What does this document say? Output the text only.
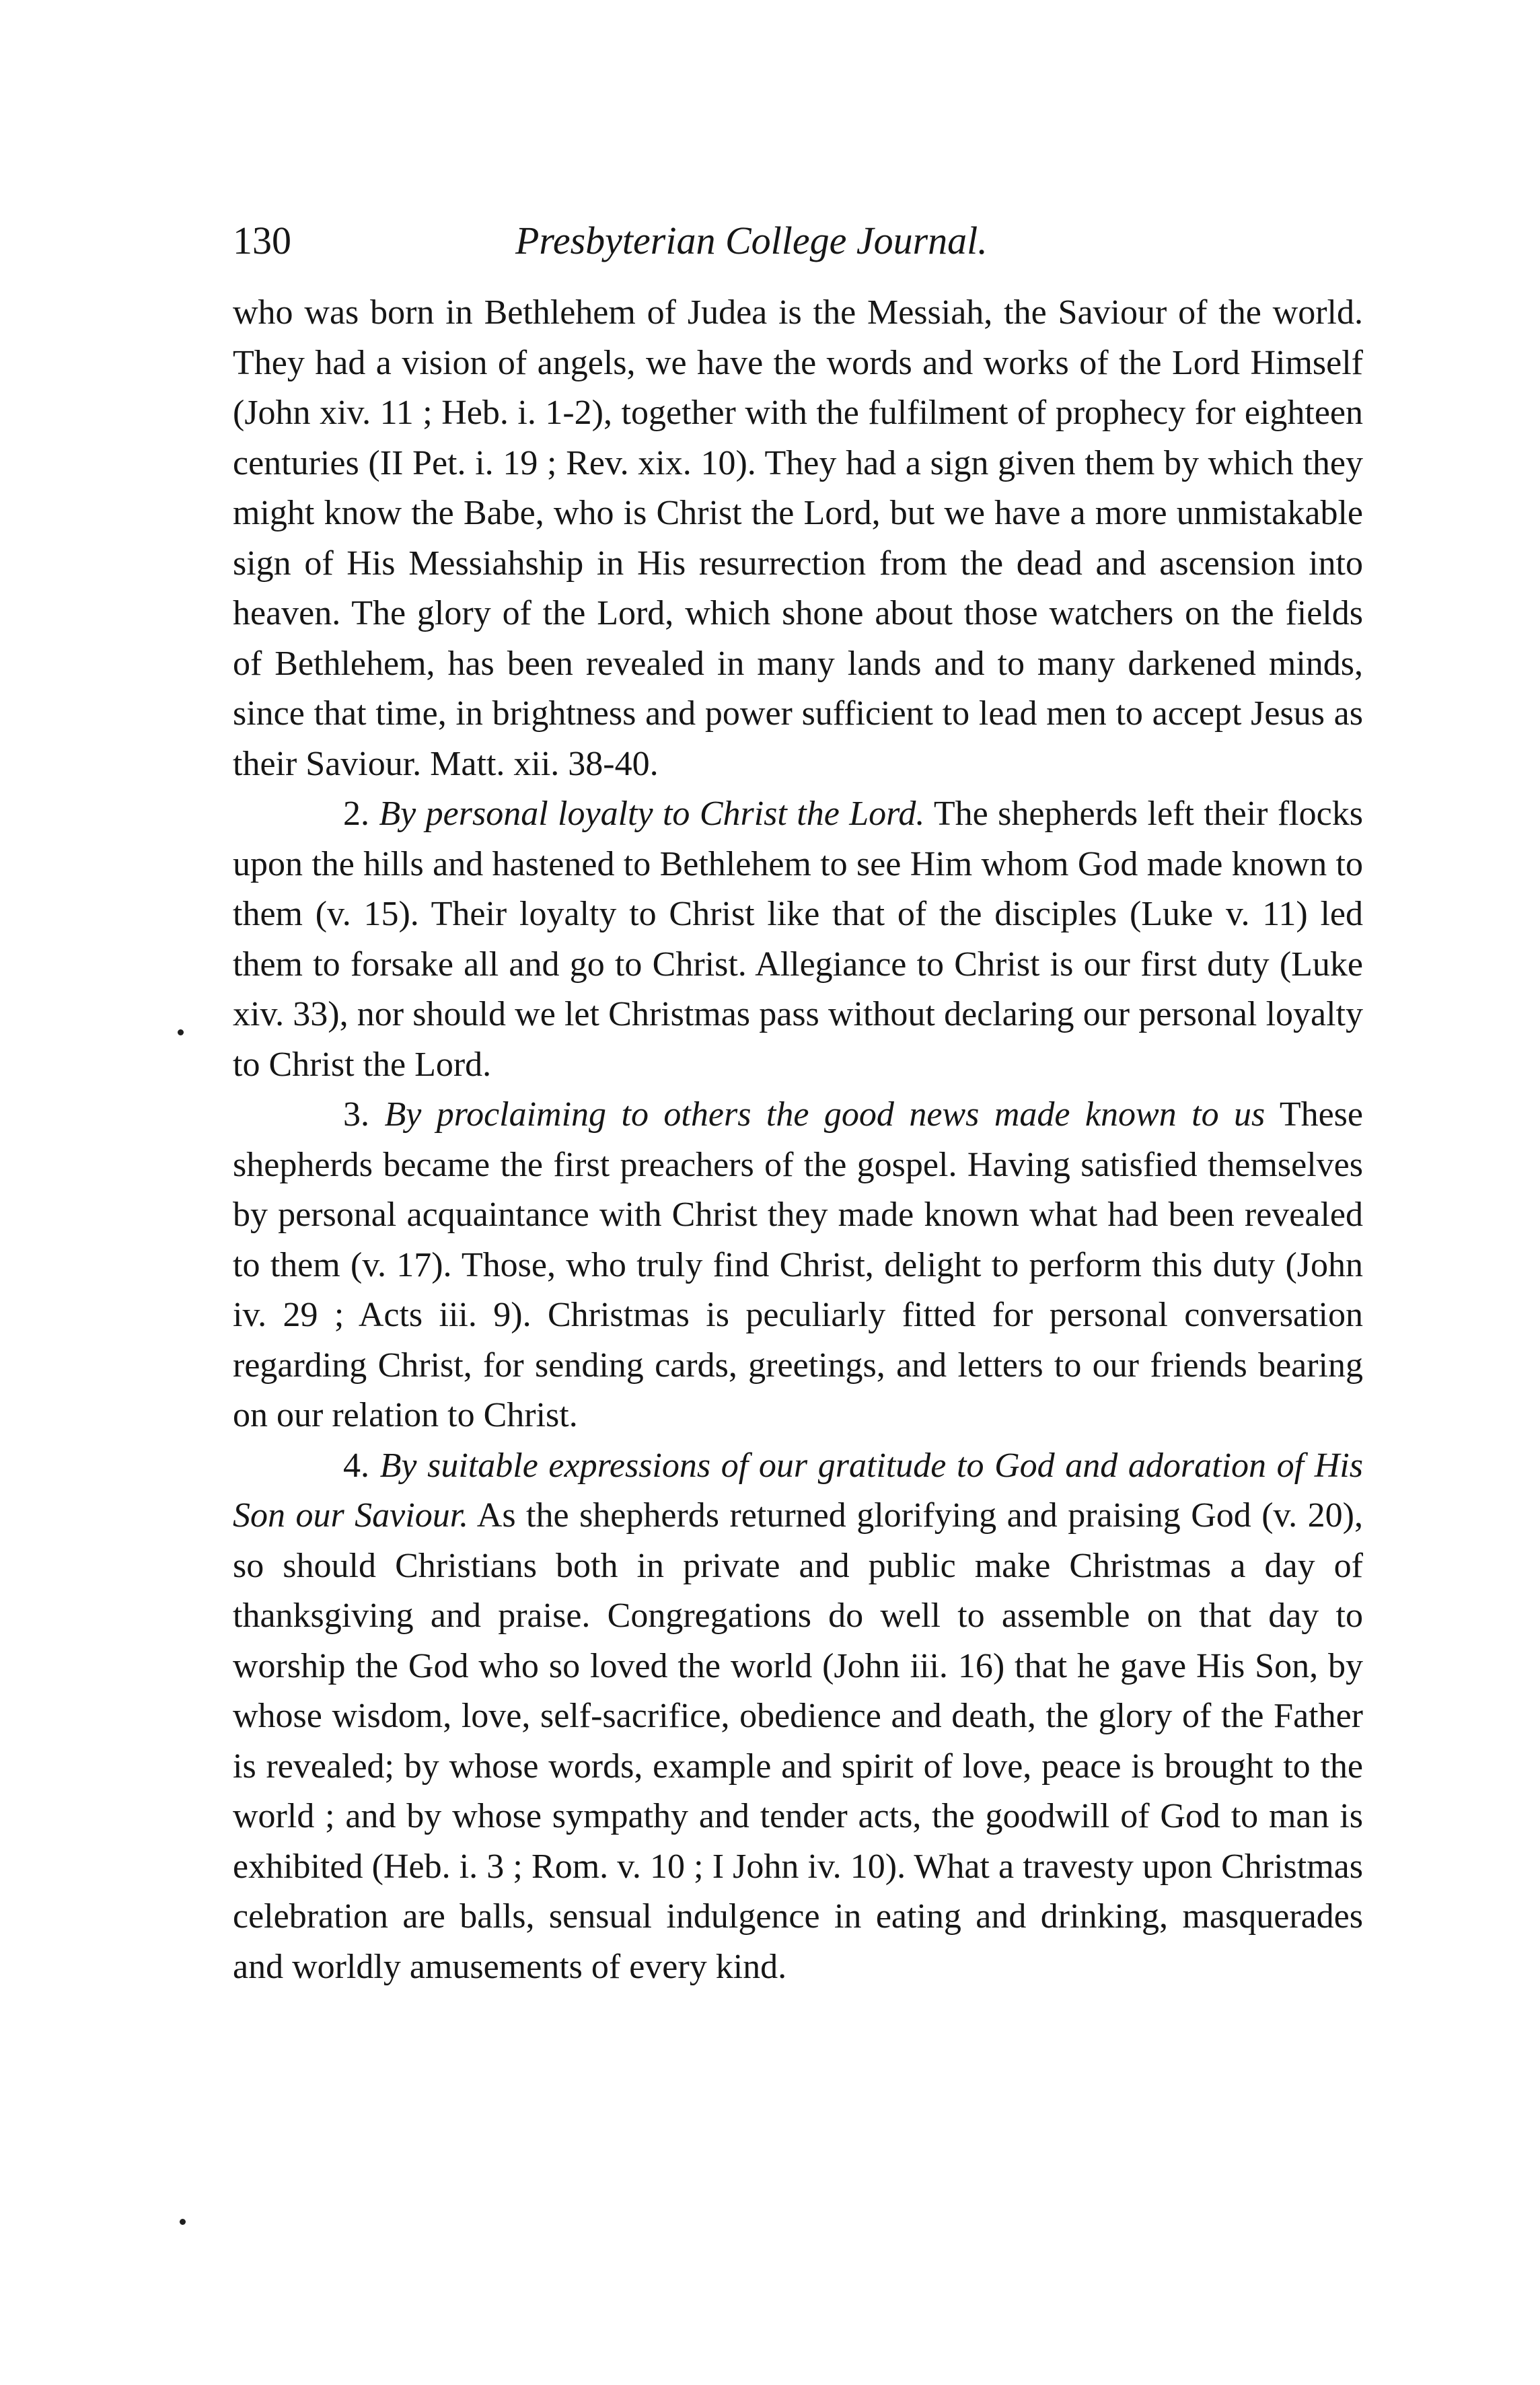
130	Presbyterian College Journal.

who was born in Bethlehem of Judea is the Messiah, the Saviour of the world. They had a vision of angels, we have the words and works of the Lord Himself (John xiv. 11 ; Heb. i. 1-2), together with the fulfilment of prophecy for eighteen centuries (II Pet. i. 19 ; Rev. xix. 10). They had a sign given them by which they might know the Babe, who is Christ the Lord, but we have a more unmistakable sign of His Messiahship in His resurrection from the dead and ascension into heaven. The glory of the Lord, which shone about those watchers on the fields of Bethlehem, has been revealed in many lands and to many darkened minds, since that time, in brightness and power sufficient to lead men to accept Jesus as their Saviour. Matt. xii. 38-40.

2. By personal loyalty to Christ the Lord. The shepherds left their flocks upon the hills and hastened to Bethlehem to see Him whom God made known to them (v. 15). Their loyalty to Christ like that of the disciples (Luke v. 11) led them to forsake all and go to Christ. Allegiance to Christ is our first duty (Luke xiv. 33), nor should we let Christmas pass without declaring our personal loyalty to Christ the Lord.

3. By proclaiming to others the good news made known to us These shepherds became the first preachers of the gospel. Having satisfied themselves by personal acquaintance with Christ they made known what had been revealed to them (v. 17). Those, who truly find Christ, delight to perform this duty (John iv. 29 ; Acts iii. 9). Christmas is peculiarly fitted for personal conversation regarding Christ, for sending cards, greetings, and letters to our friends bearing on our relation to Christ.

4. By suitable expressions of our gratitude to God and adoration of His Son our Saviour. As the shepherds returned glorifying and praising God (v. 20), so should Christians both in private and public make Christmas a day of thanksgiving and praise. Congregations do well to assemble on that day to worship the God who so loved the world (John iii. 16) that he gave His Son, by whose wisdom, love, self-sacrifice, obedience and death, the glory of the Father is revealed; by whose words, example and spirit of love, peace is brought to the world ; and by whose sympathy and tender acts, the goodwill of God to man is exhibited (Heb. i. 3 ; Rom. v. 10 ; I John iv. 10). What a travesty upon Christmas celebration are balls, sensual indulgence in eating and drinking, masquerades and worldly amusements of every kind.
